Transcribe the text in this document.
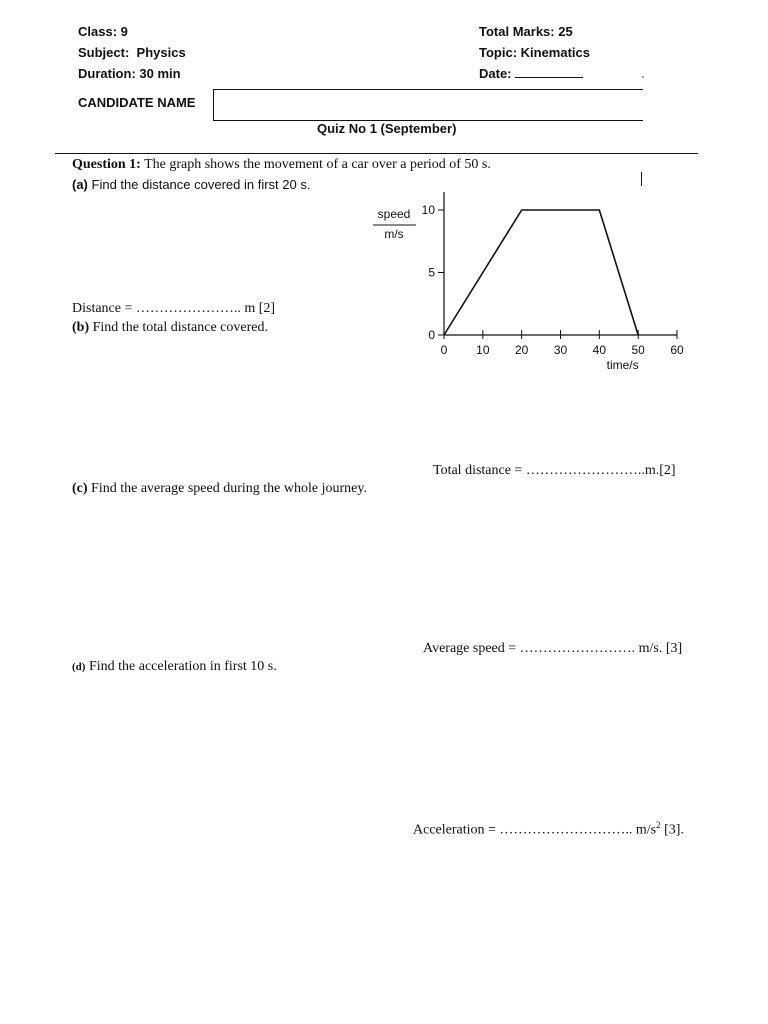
Class: 9
Subject: Physics
Duration: 30 min
Total Marks: 25
Topic: Kinematics
Date:
CANDIDATE NAME
Quiz No 1 (September)
Question 1: The graph shows the movement of a car over a period of 50 s.
(a) Find the distance covered in first 20 s.
Distance = ………………….. m [2]
(b) Find the total distance covered.
0 10 20 30 40 50 60
0
5
10
speed
m/s
time/s
Total distance = ……………………..m.[2]
(c) Find the average speed during the whole journey.
Average speed = ……………………. m/s. [3]
(d) Find the acceleration in first 10 s.
Acceleration = ……………………….. $m/s^2$ [3].
